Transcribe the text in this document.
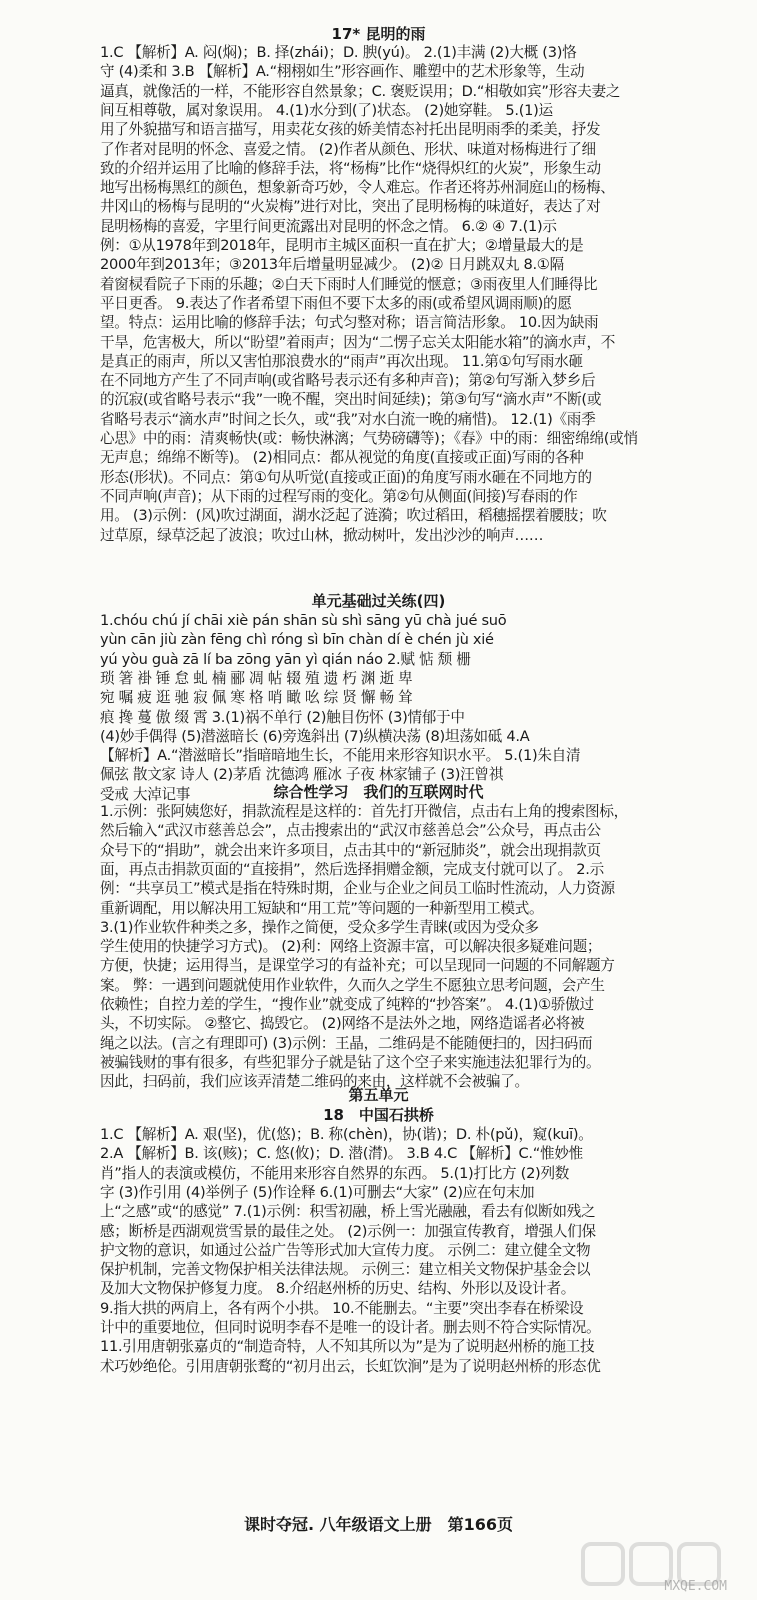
17* 昆明的雨
1.C 【解析】A. 闷(焖)；B. 择(zhái)；D. 腴(yú)。 2.(1)丰满 (2)大概 (3)恪
守 (4)柔和 3.B 【解析】A.“栩栩如生”形容画作、雕塑中的艺术形象等，生动
逼真，就像活的一样，不能形容自然景象；C. 褒贬误用；D.“相敬如宾”形容夫妻之
间互相尊敬，属对象误用。 4.(1)水分到(了)状态。 (2)她穿鞋。 5.(1)运
用了外貌描写和语言描写，用卖花女孩的娇美情态衬托出昆明雨季的柔美，抒发
了作者对昆明的怀念、喜爱之情。 (2)作者从颜色、形状、味道对杨梅进行了细
致的介绍并运用了比喻的修辞手法，将“杨梅”比作“烧得炽红的火炭”，形象生动
地写出杨梅黑红的颜色，想象新奇巧妙，令人难忘。作者还将苏州洞庭山的杨梅、
井冈山的杨梅与昆明的“火炭梅”进行对比，突出了昆明杨梅的味道好，表达了对
昆明杨梅的喜爱，字里行间更流露出对昆明的怀念之情。 6.② ④ 7.(1)示
例：①从1978年到2018年，昆明市主城区面积一直在扩大；②增量最大的是
2000年到2013年；③2013年后增量明显减少。 (2)② 日月跳双丸 8.①隔
着窗棂看院子下雨的乐趣；②白天下雨时人们睡觉的惬意；③雨夜里人们睡得比
平日更香。 9.表达了作者希望下雨但不要下太多的雨(或希望风调雨顺)的愿
望。特点：运用比喻的修辞手法；句式匀整对称；语言简洁形象。 10.因为缺雨
干旱，危害极大，所以“盼望”着雨声；因为“二愣子忘关太阳能水箱”的滴水声，不
是真正的雨声，所以又害怕那浪费水的“雨声”再次出现。 11.第①句写雨水砸
在不同地方产生了不同声响(或省略号表示还有多种声音)；第②句写渐入梦乡后
的沉寂(或省略号表示“我”一晚不醒，突出时间延续)；第③句写“滴水声”不断(或
省略号表示“滴水声”时间之长久，或“我”对水白流一晚的痛惜)。 12.(1)《雨季
心思》中的雨：清爽畅快(或：畅快淋漓；气势磅礴等)；《春》中的雨：细密绵绵(或悄
无声息；绵绵不断等)。 (2)相同点：都从视觉的角度(直接或正面)写雨的各种
形态(形状)。不同点：第①句从听觉(直接或正面)的角度写雨水砸在不同地方的
不同声响(声音)；从下雨的过程写雨的变化。第②句从侧面(间接)写春雨的作
用。 (3)示例：(风)吹过湖面，湖水泛起了涟漪；吹过稻田，稻穗摇摆着腰肢；吹
过草原，绿草泛起了波浪；吹过山林，掀动树叶，发出沙沙的响声……
单元基础过关练(四)
1.chóu chú jí chāi xiè pán shān sù shì sāng yū chà jué suō
yùn cān jiù zàn fēng chì róng sì bīn chàn dí è chén jù xié
yú yòu guà zā lí ba zōng yān yì qián náo 2.赋 惦 颓 栅
琐 箸 褂 锤 怠 虬 楠 郦 凋 帖 辍 殖 遗 朽 渊 逝 卑
宛 嘱 疲 逛 驰 寂 佩 寒 格 哨 瞰 吆 综 贤 懈 畅 耸
痕 搀 蔓 傲 缀 霄 3.(1)祸不单行 (2)触目伤怀 (3)情郁于中
(4)妙手偶得 (5)潜滋暗长 (6)旁逸斜出 (7)纵横决荡 (8)坦荡如砥 4.A
【解析】A.“潜滋暗长”指暗暗地生长，不能用来形容知识水平。 5.(1)朱自清
佩弦 散文家 诗人 (2)茅盾 沈德鸿 雁冰 子夜 林家铺子 (3)汪曾祺
受戒 大淖记事	综合性学习　我们的互联网时代
1.示例：张阿姨您好，捐款流程是这样的：首先打开微信，点击右上角的搜索图标，
然后输入“武汉市慈善总会”，点击搜索出的“武汉市慈善总会”公众号，再点击公
众号下的“捐助”，就会出来许多项目，点击其中的“新冠肺炎”，就会出现捐款页
面，再点击捐款页面的“直接捐”，然后选择捐赠金额，完成支付就可以了。 2.示
例：“共享员工”模式是指在特殊时期，企业与企业之间员工临时性流动，人力资源
重新调配，用以解决用工短缺和“用工荒”等问题的一种新型用工模式。
3.(1)作业软件种类之多，操作之简便，受众多学生青睐(或因为受众多
学生使用的快捷学习方式)。 (2)利：网络上资源丰富，可以解决很多疑难问题；
方便，快捷；运用得当，是课堂学习的有益补充；可以呈现同一问题的不同解题方
案。 弊：一遇到问题就使用作业软件，久而久之学生不愿独立思考问题，会产生
依赖性；自控力差的学生，“搜作业”就变成了纯粹的“抄答案”。 4.(1)①骄傲过
头，不切实际。 ②整它、捣毁它。 (2)网络不是法外之地，网络造谣者必将被
绳之以法。(言之有理即可) (3)示例：王晶，二维码是不能随便扫的，因扫码而
被骗钱财的事有很多，有些犯罪分子就是钻了这个空子来实施违法犯罪行为的。
因此，扫码前，我们应该弄清楚二维码的来由，这样就不会被骗了。
第五单元
18　中国石拱桥
1.C 【解析】A. 艰(坚)，优(悠)；B. 称(chèn)，协(谐)；D. 朴(pǔ)，窥(kuī)。
2.A 【解析】B. 该(赅)；C. 悠(攸)；D. 潜(潸)。 3.B 4.C 【解析】C.“惟妙惟
肖”指人的表演或模仿，不能用来形容自然界的东西。 5.(1)打比方 (2)列数
字 (3)作引用 (4)举例子 (5)作诠释 6.(1)可删去“大家” (2)应在句末加
上“之感”或“的感觉” 7.(1)示例：积雪初融，桥上雪光融融，看去有似断如残之
感；断桥是西湖观赏雪景的最佳之处。 (2)示例一：加强宣传教育，增强人们保
护文物的意识，如通过公益广告等形式加大宣传力度。 示例二：建立健全文物
保护机制，完善文物保护相关法律法规。 示例三：建立相关文物保护基金会以
及加大文物保护修复力度。 8.介绍赵州桥的历史、结构、外形以及设计者。
9.指大拱的两肩上，各有两个小拱。 10.不能删去。“主要”突出李春在桥梁设
计中的重要地位，但同时说明李春不是唯一的设计者。删去则不符合实际情况。
11.引用唐朝张嘉贞的“制造奇特，人不知其所以为”是为了说明赵州桥的施工技
术巧妙绝伦。引用唐朝张鹜的“初月出云，长虹饮涧”是为了说明赵州桥的形态优
课时夺冠. 八年级语文上册　第166页
MXQE.COM
